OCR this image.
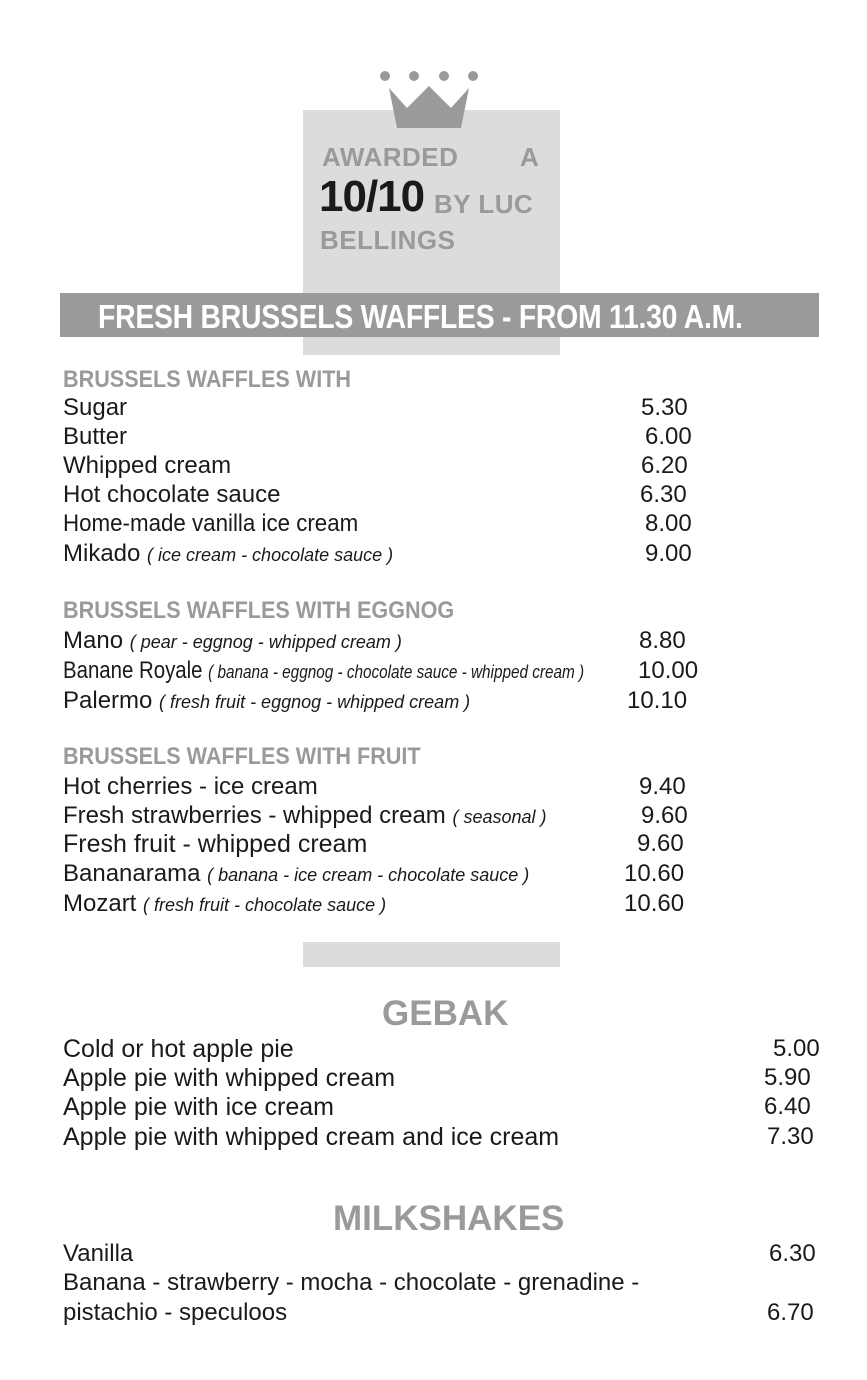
AWARDED A
10/10 BY LUC
BELLINGS
FRESH BRUSSELS WAFFLES - FROM 11.30 A.M.
BRUSSELS WAFFLES WITH
Sugar	5.30
Butter	6.00
Whipped cream	6.20
Hot chocolate sauce	6.30
Home-made vanilla ice cream	8.00
Mikado ( ice cream - chocolate sauce )	9.00
BRUSSELS WAFFLES WITH EGGNOG
Mano ( pear - eggnog - whipped cream )	8.80
Banane Royale ( banana - eggnog - chocolate sauce - whipped cream ) 10.00
Palermo ( fresh fruit - eggnog - whipped cream )	10.10
BRUSSELS WAFFLES WITH FRUIT
Hot cherries - ice cream	9.40
Fresh strawberries - whipped cream ( seasonal )	9.60
Fresh fruit - whipped cream	9.60
Bananarama ( banana - ice cream - chocolate sauce )	10.60
Mozart ( fresh fruit - chocolate sauce )	10.60
GEBAK
Cold or hot apple pie	5.00
Apple pie with whipped cream	5.90
Apple pie with ice cream	6.40
Apple pie with whipped cream and ice cream	7.30
MILKSHAKES
Vanilla	6.30
Banana - strawberry - mocha - chocolate - grenadine -
pistachio - speculoos	6.70
